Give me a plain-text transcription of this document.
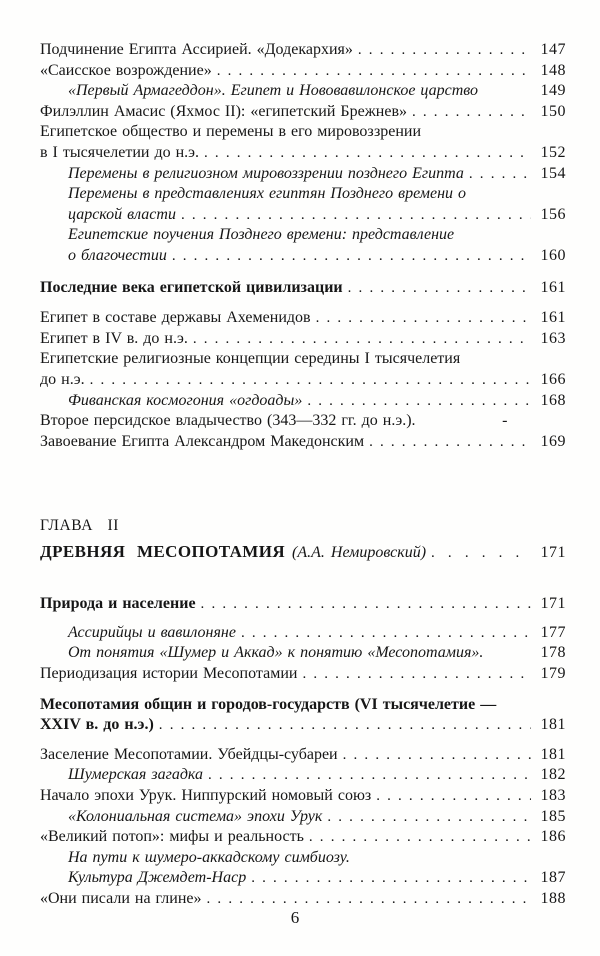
Подчинение Египта Ассирией. «Додекархия» . . .	147
«Саисское возрождение» . . .	148
«Первый Армагеддон». Египет и Нововавилонское царство	149
Филэллин Амасис (Яхмос II): «египетский Брежнев» . . .	150
Египетское общество и перемены в его мировоззрении
в I тысячелетии до н.э. . . .	152
Перемены в религиозном мировоззрении позднего Египта . . .	154
Перемены в представлениях египтян Позднего времени о
царской власти . . .	156
Египетские поучения Позднего времени: представление
о благочестии . . .	160
Последние века египетской цивилизации . . .	161
Египет в составе державы Ахеменидов . . .	161
Египет в IV в. до н.э. . . .	163
Египетские религиозные концепции середины I тысячелетия
до н.э. . . .	166
Фиванская космогония «огдоады» . . .	168
Второе персидское владычество (343—332 гг. до н.э.).	-
Завоевание Египта Александром Македонским . . .	169
ГЛАВА II
ДРЕВНЯЯ МЕСОПОТАМИЯ (А.А. Немировский) . . .	171
Природа и население . . .	171
Ассирийцы и вавилоняне . . .	177
От понятия «Шумер и Аккад» к понятию «Месопотамия».	178
Периодизация истории Месопотамии . . .	179
Месопотамия общин и городов-государств (VI тысячелетие —
XXIV в. до н.э.) . . .	181
Заселение Месопотамии. Убейдцы-субареи . . .	181
Шумерская загадка . . .	182
Начало эпохи Урук. Ниппурский номовый союз . . .	183
«Колониальная система» эпохи Урук . . .	185
«Великий потоп»: мифы и реальность . . .	186
На пути к шумеро-аккадскому симбиозу.
Культура Джемдет-Наср . . .	187
«Они писали на глине» . . .	188
6
